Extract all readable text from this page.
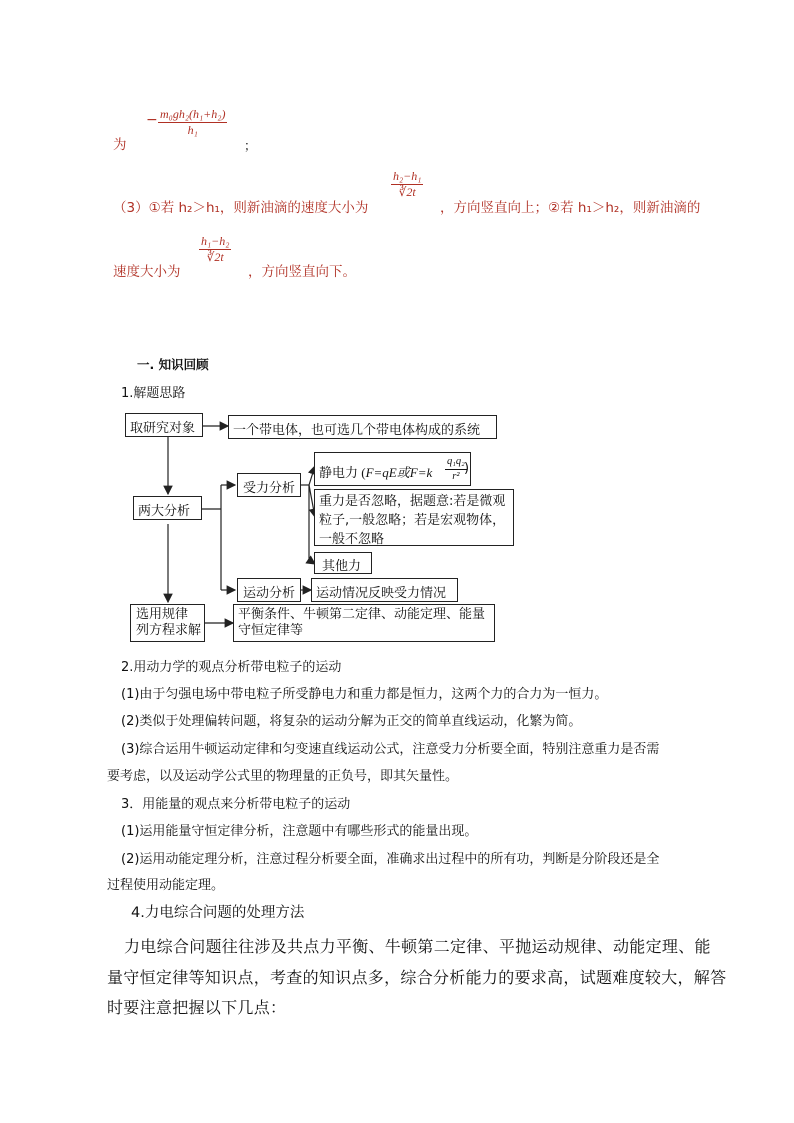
为
− $\frac{\text{m₀gh₂(h₁+h₂)}}{\text{h₁}}$
；
（3）①若 h₂＞h₁，则新油滴的速度大小为
$\frac{\text{h₂−h₁}}{∛2t}$
，方向竖直向上；②若 h₁＞h₂，则新油滴的
速度大小为
$\frac{\text{h₁−h₂}}{∛2t}$
，方向竖直向下。
一. 知识回顾
1.解题思路
取研究对象	一个带电体，也可选几个带电体构成的系统
两大分析
受力分析
静电力 (F=qE或$F=k \frac{\text{q₁q₂}}{\text{r²}}$
)
重力是否忽略，据题意:若是微观粒子,一般忽略；若是宏观物体，一般不忽略
其他力
运动分析	运动情况反映受力情况
选用规律
列方程求解
平衡条件、牛顿第二定律、动能定理、能量守恒定律等
2.用动力学的观点分析带电粒子的运动
(1)由于匀强电场中带电粒子所受静电力和重力都是恒力，这两个力的合力为一恒力。
(2)类似于处理偏转问题，将复杂的运动分解为正交的简单直线运动，化繁为简。
(3)综合运用牛顿运动定律和匀变速直线运动公式，注意受力分析要全面，特别注意重力是否需
要考虑，以及运动学公式里的物理量的正负号，即其矢量性。
3．用能量的观点来分析带电粒子的运动
(1)运用能量守恒定律分析，注意题中有哪些形式的能量出现。
(2)运用动能定理分析，注意过程分析要全面，准确求出过程中的所有功，判断是分阶段还是全
过程使用动能定理。
4.力电综合问题的处理方法
力电综合问题往往涉及共点力平衡、牛顿第二定律、平抛运动规律、动能定理、能
量守恒定律等知识点，考查的知识点多，综合分析能力的要求高，试题难度较大，解答
时要注意把握以下几点：
